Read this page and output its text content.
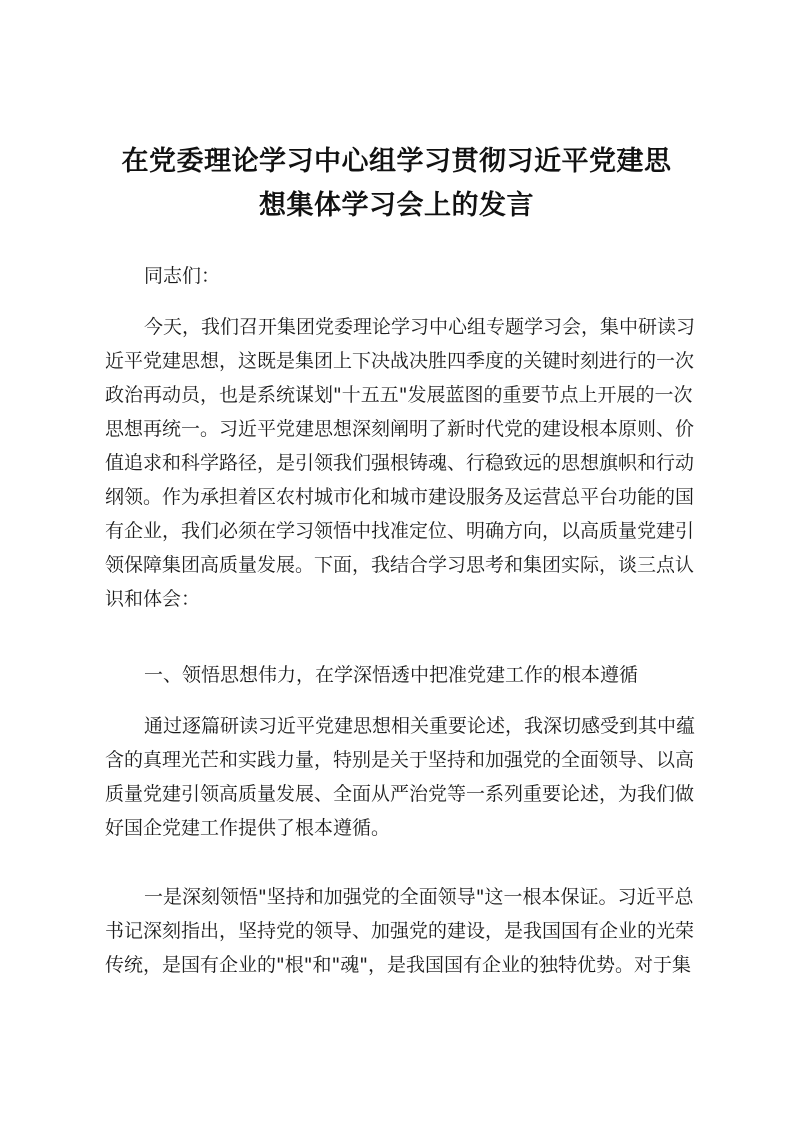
在党委理论学习中心组学习贯彻习近平党建思
想集体学习会上的发言

同志们：

今天，我们召开集团党委理论学习中心组专题学习会，集中研读习
近平党建思想，这既是集团上下决战决胜四季度的关键时刻进行的一次
政治再动员，也是系统谋划"十五五"发展蓝图的重要节点上开展的一次
思想再统一。习近平党建思想深刻阐明了新时代党的建设根本原则、价
值追求和科学路径，是引领我们强根铸魂、行稳致远的思想旗帜和行动
纲领。作为承担着区农村城市化和城市建设服务及运营总平台功能的国
有企业，我们必须在学习领悟中找准定位、明确方向，以高质量党建引
领保障集团高质量发展。下面，我结合学习思考和集团实际，谈三点认
识和体会：

一、领悟思想伟力，在学深悟透中把准党建工作的根本遵循

通过逐篇研读习近平党建思想相关重要论述，我深切感受到其中蕴
含的真理光芒和实践力量，特别是关于坚持和加强党的全面领导、以高
质量党建引领高质量发展、全面从严治党等一系列重要论述，为我们做
好国企党建工作提供了根本遵循。

一是深刻领悟"坚持和加强党的全面领导"这一根本保证。习近平总
书记深刻指出，坚持党的领导、加强党的建设，是我国国有企业的光荣
传统，是国有企业的"根"和"魂"，是我国国有企业的独特优势。对于集
